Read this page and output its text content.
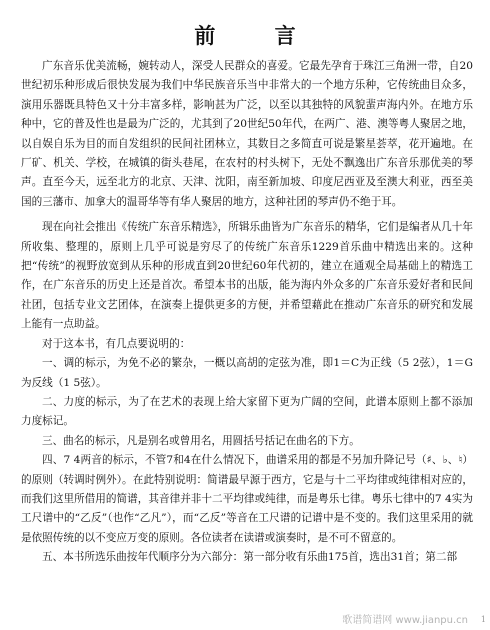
前 言

广东音乐优美流畅，婉转动人，深受人民群众的喜爱。它最先孕育于珠江三角洲一带，自20世纪初乐种形成后很快发展为我们中华民族音乐当中非常大的一个地方乐种，它传统曲目众多，演用乐器既具特色又十分丰富多样，影响甚为广泛，以至以其独特的风貌蜚声海内外。在地方乐种中，它的普及性也是最为广泛的，尤其到了20世纪50年代，在两广、港、澳等粤人聚居之地，以自娱自乐为目的而自发组织的民间社团林立，其数目之多简直可说是繁星荟萃，花开遍地。在厂矿、机关、学校，在城镇的街头巷尾，在农村的村头树下，无处不飘逸出广东音乐那优美的琴声。直至今天，远至北方的北京、天津、沈阳，南至新加坡、印度尼西亚及至澳大利亚，西至美国的三藩市、加拿大的温哥华等有华人聚居的地方，这种社团的琴声仍不绝于耳。

现在向社会推出《传统广东音乐精选》，所辑乐曲皆为广东音乐的精华，它们是编者从几十年所收集、整理的，原则上几乎可说是穷尽了的传统广东音乐1229首乐曲中精选出来的。这种把“传统”的视野放宽到从乐种的形成直到20世纪60年代初的，建立在通观全局基础上的精选工作，在广东音乐的历史上还是首次。希望本书的出版，能为海内外众多的广东音乐爱好者和民间社团，包括专业文艺团体，在演奏上提供更多的方便，并希望藉此在推动广东音乐的研究和发展上能有一点助益。

对于这本书，有几点要说明的：

一、调的标示，为免不必的繁杂，一概以高胡的定弦为准，即1＝C为正线（5 2弦），1＝G为反线（1 5弦）。

二、力度的标示，为了在艺术的表现上给大家留下更为广阔的空间，此谱本原则上都不添加力度标记。

三、曲名的标示，凡是别名或曾用名，用圆括号括记在曲名的下方。

四、7 4两音的标示，不管7和4在什么情况下，曲谱采用的都是不另加升降记号（♯、♭、♮）的原则（转调时例外）。在此特别说明：简谱最早源于西方，它是与十二平均律或纯律相对应的，而我们这里所借用的简谱，其音律并非十二平均律或纯律，而是粤乐七律。粤乐七律中的7 4实为工尺谱中的“乙反”（也作“乙凡”），而“乙反”等音在工尺谱的记谱中是不变的。我们这里采用的就是依照传统的以不变应万变的原则。各位读者在读谱或演奏时，是不可不留意的。

五、本书所选乐曲按年代顺序分为六部分：第一部分收有乐曲175首，选出31首；第二部

歌谱简谱网 www.jianpu.cn 1
